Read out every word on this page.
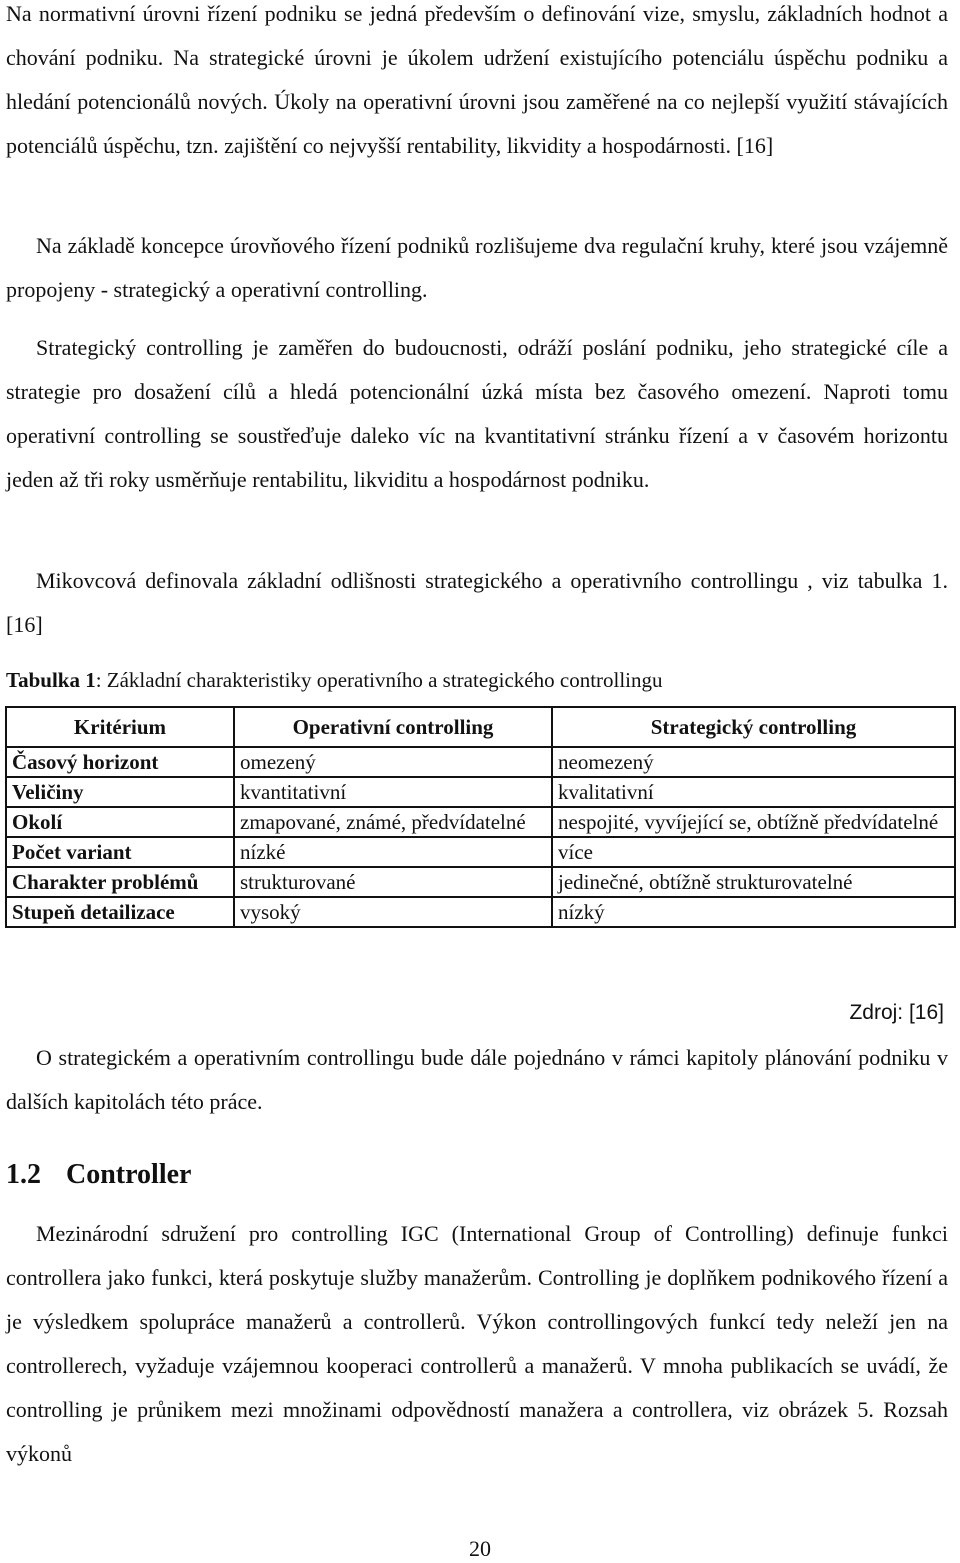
Na normativní úrovni řízení podniku se jedná především o definování vize, smyslu, základních hodnot a chování podniku. Na strategické úrovni je úkolem udržení existujícího potenciálu úspěchu podniku a hledání potencionálů nových. Úkoly na operativní úrovni jsou zaměřené na co nejlepší využití stávajících potenciálů úspěchu, tzn. zajištění co nejvyšší rentability, likvidity a hospodárnosti. [16]

Na základě koncepce úrovňového řízení podniků rozlišujeme dva regulační kruhy, které jsou vzájemně propojeny - strategický a operativní controlling.

Strategický controlling je zaměřen do budoucnosti, odráží poslání podniku, jeho strategické cíle a strategie pro dosažení cílů a hledá potencionální úzká místa bez časového omezení. Naproti tomu operativní controlling se soustřeďuje daleko víc na kvantitativní stránku řízení a v časovém horizontu jeden až tři roky usměrňuje rentabilitu, likviditu a hospodárnost podniku.

Mikovcová definovala základní odlišnosti strategického a operativního controllingu , viz tabulka 1. [16]

Tabulka 1: Základní charakteristiky operativního a strategického controllingu

Kritérium	Operativní controlling	Strategický controlling
Časový horizont	omezený	neomezený
Veličiny	kvantitativní	kvalitativní
Okolí	zmapované, známé, předvídatelné	nespojité, vyvíjející se, obtížně předvídatelné
Počet variant	nízké	více
Charakter problémů	strukturované	jedinečné, obtížně strukturovatelné
Stupeň detailizace	vysoký	nízký

Zdroj: [16]

O strategickém a operativním controllingu bude dále pojednáno v rámci kapitoly plánování podniku v dalších kapitolách této práce.

1.2 Controller

Mezinárodní sdružení pro controlling IGC (International Group of Controlling) definuje funkci controllera jako funkci, která poskytuje služby manažerům. Controlling je doplňkem podnikového řízení a je výsledkem spolupráce manažerů a controllerů. Výkon controllingových funkcí tedy neleží jen na controllerech, vyžaduje vzájemnou kooperaci controllerů a manažerů. V mnoha publikacích se uvádí, že controlling je průnikem mezi množinami odpovědností manažera a controllera, viz obrázek 5. Rozsah výkonů

20
